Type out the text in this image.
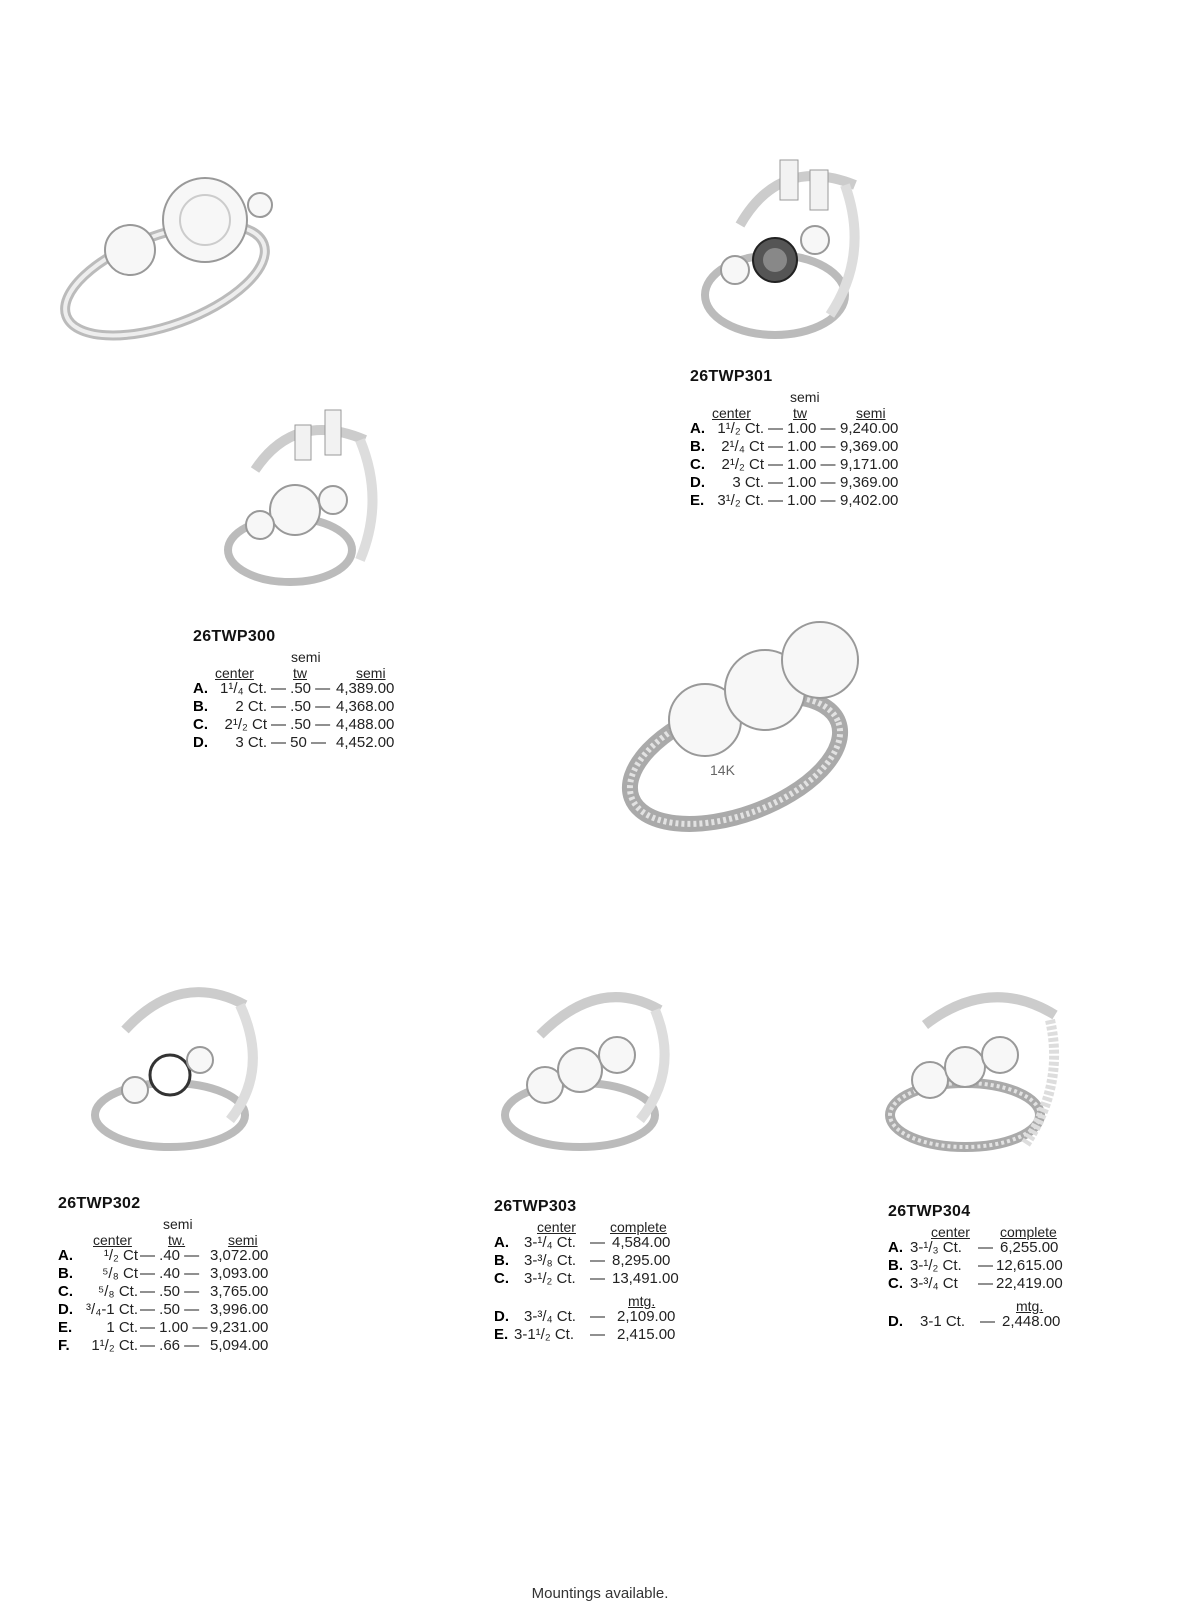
14K
26TWP301
semi
center	tw	semi
A. 1¹/₂ Ct. — 1.00 — 9,240.00
B.	2¹/₄ Ct — 1.00 — 9,369.00
C.	2¹/₂ Ct — 1.00 — 9,171.00
D.	3 Ct. — 1.00 — 9,369.00
E. 3¹/₂ Ct. — 1.00 — 9,402.00
26TWP300
semi
center	tw	semi
A. 1¹/₄ Ct. — .50 — 4,389.00
B.	2 Ct. — .50 — 4,368.00
C.	2¹/₂ Ct — .50 — 4,488.00
D.	3 Ct. — 50 — 4,452.00
26TWP302
semi
center	tw.	semi
A.	¹/₂ Ct — .40 — 3,072.00
B.	⁵/₈ Ct — .40 — 3,093.00
C.	⁵/₈ Ct. — .50 — 3,765.00
D. ³/₄-1 Ct. — .50 — 3,996.00
E.	1 Ct. — 1.00 — 9,231.00
F.	1¹/₂ Ct. — .66 — 5,094.00
26TWP303
center complete
A. 3-¹/₄ Ct. — 4,584.00
B. 3-³/₈ Ct. — 8,295.00
C. 3-¹/₂ Ct. — 13,491.00
mtg.
D. 3-³/₄ Ct. — 2,109.00
E. 3-1¹/₂ Ct. — 2,415.00
26TWP304
center complete
A. 3-¹/₃ Ct. — 6,255.00
B. 3-¹/₂ Ct. — 12,615.00
C. 3-³/₄ Ct — 22,419.00
mtg.
D. 3-1 Ct. — 2,448.00
Mountings available.
